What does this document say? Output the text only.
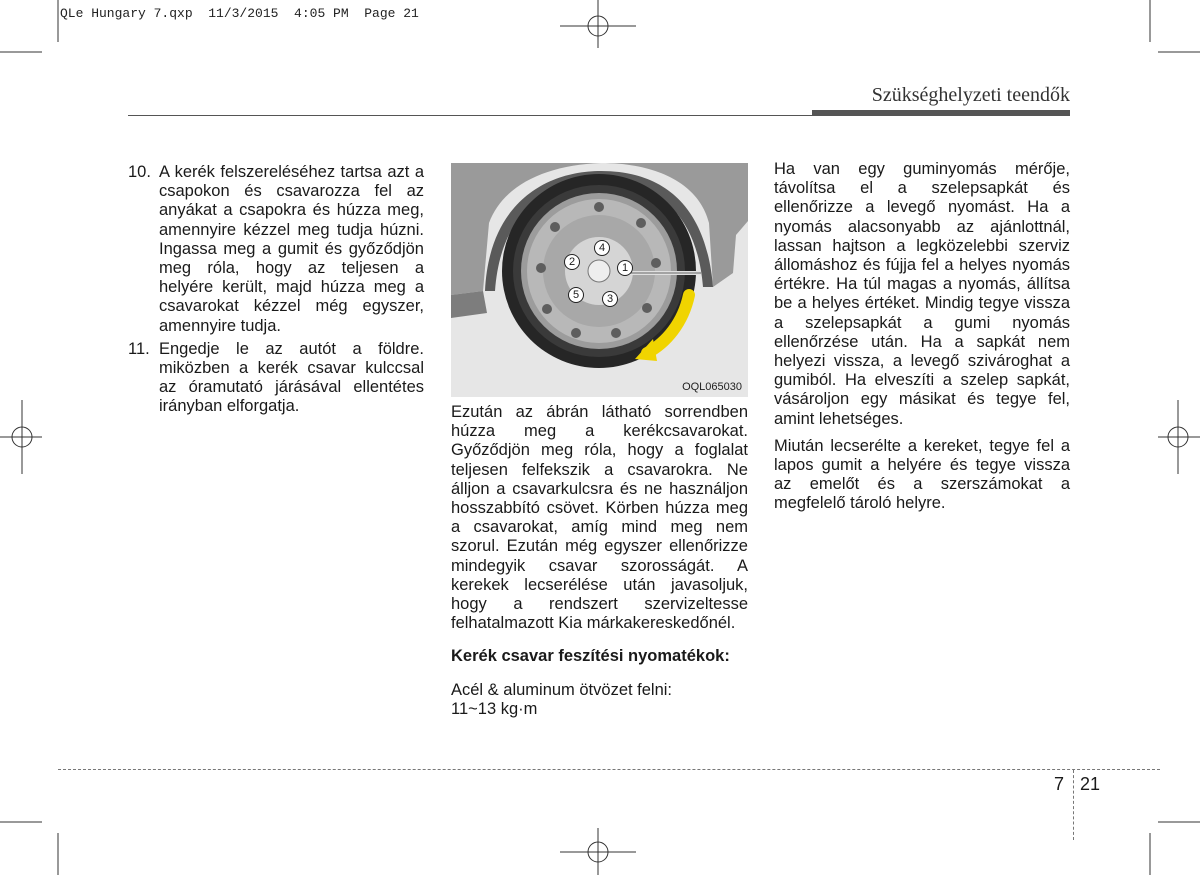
QLe Hungary 7.qxp  11/3/2015  4:05 PM  Page 21
Szükséghelyzeti teendők
10. A kerék felszereléséhez tartsa azt a csapokon és csavarozza fel az anyákat a csapokra és húzza meg, amennyire kézzel meg tudja húzni. Ingassa meg a gumit és győződjön meg róla, hogy az teljesen a helyére került, majd húzza meg a csavarokat kézzel még egyszer, amennyire tudja.

11. Engedje le az autót a földre. miközben a kerék csavar kulccsal az óramutató járásával ellentétes irányban elforgatja.

1
2
3
4
5
OQL065030

Ezután az ábrán látható sorrendben húzza meg a kerékcsavarokat. Győződjön meg róla, hogy a foglalat teljesen felfekszik a csavarokra. Ne álljon a csavarkulcsra és ne használjon hosszabbító csövet. Körben húzza meg a csavarokat, amíg mind meg nem szorul. Ezután még egyszer ellenőrizze mindegyik csavar szorosságát. A kerekek lecserélése után javasoljuk, hogy a rendszert szervizeltesse felhatalmazott Kia márkakereskedőnél.

Kerék csavar feszítési nyomatékok:

Acél & aluminum ötvözet felni:

11~13 kg·m

Ha van egy guminyomás mérője, távolítsa el a szelepsapkát és ellenőrizze a levegő nyomást. Ha a nyomás alacsonyabb az ajánlottnál, lassan hajtson a legközelebbi szerviz állomáshoz és fújja fel a helyes nyomás értékre. Ha túl magas a nyomás, állítsa be a helyes értéket. Mindig tegye vissza a szelepsapkát a gumi nyomás ellenőrzése után. Ha a sapkát nem helyezi vissza, a levegő szivároghat a gumiból. Ha elveszíti a szelep sapkát, vásároljon egy másikat és tegye fel, amint lehetséges.

Miután lecserélte a kereket, tegye fel a lapos gumit a helyére és tegye vissza az emelőt és a szerszámokat a megfelelő tároló helyre.

7 21
